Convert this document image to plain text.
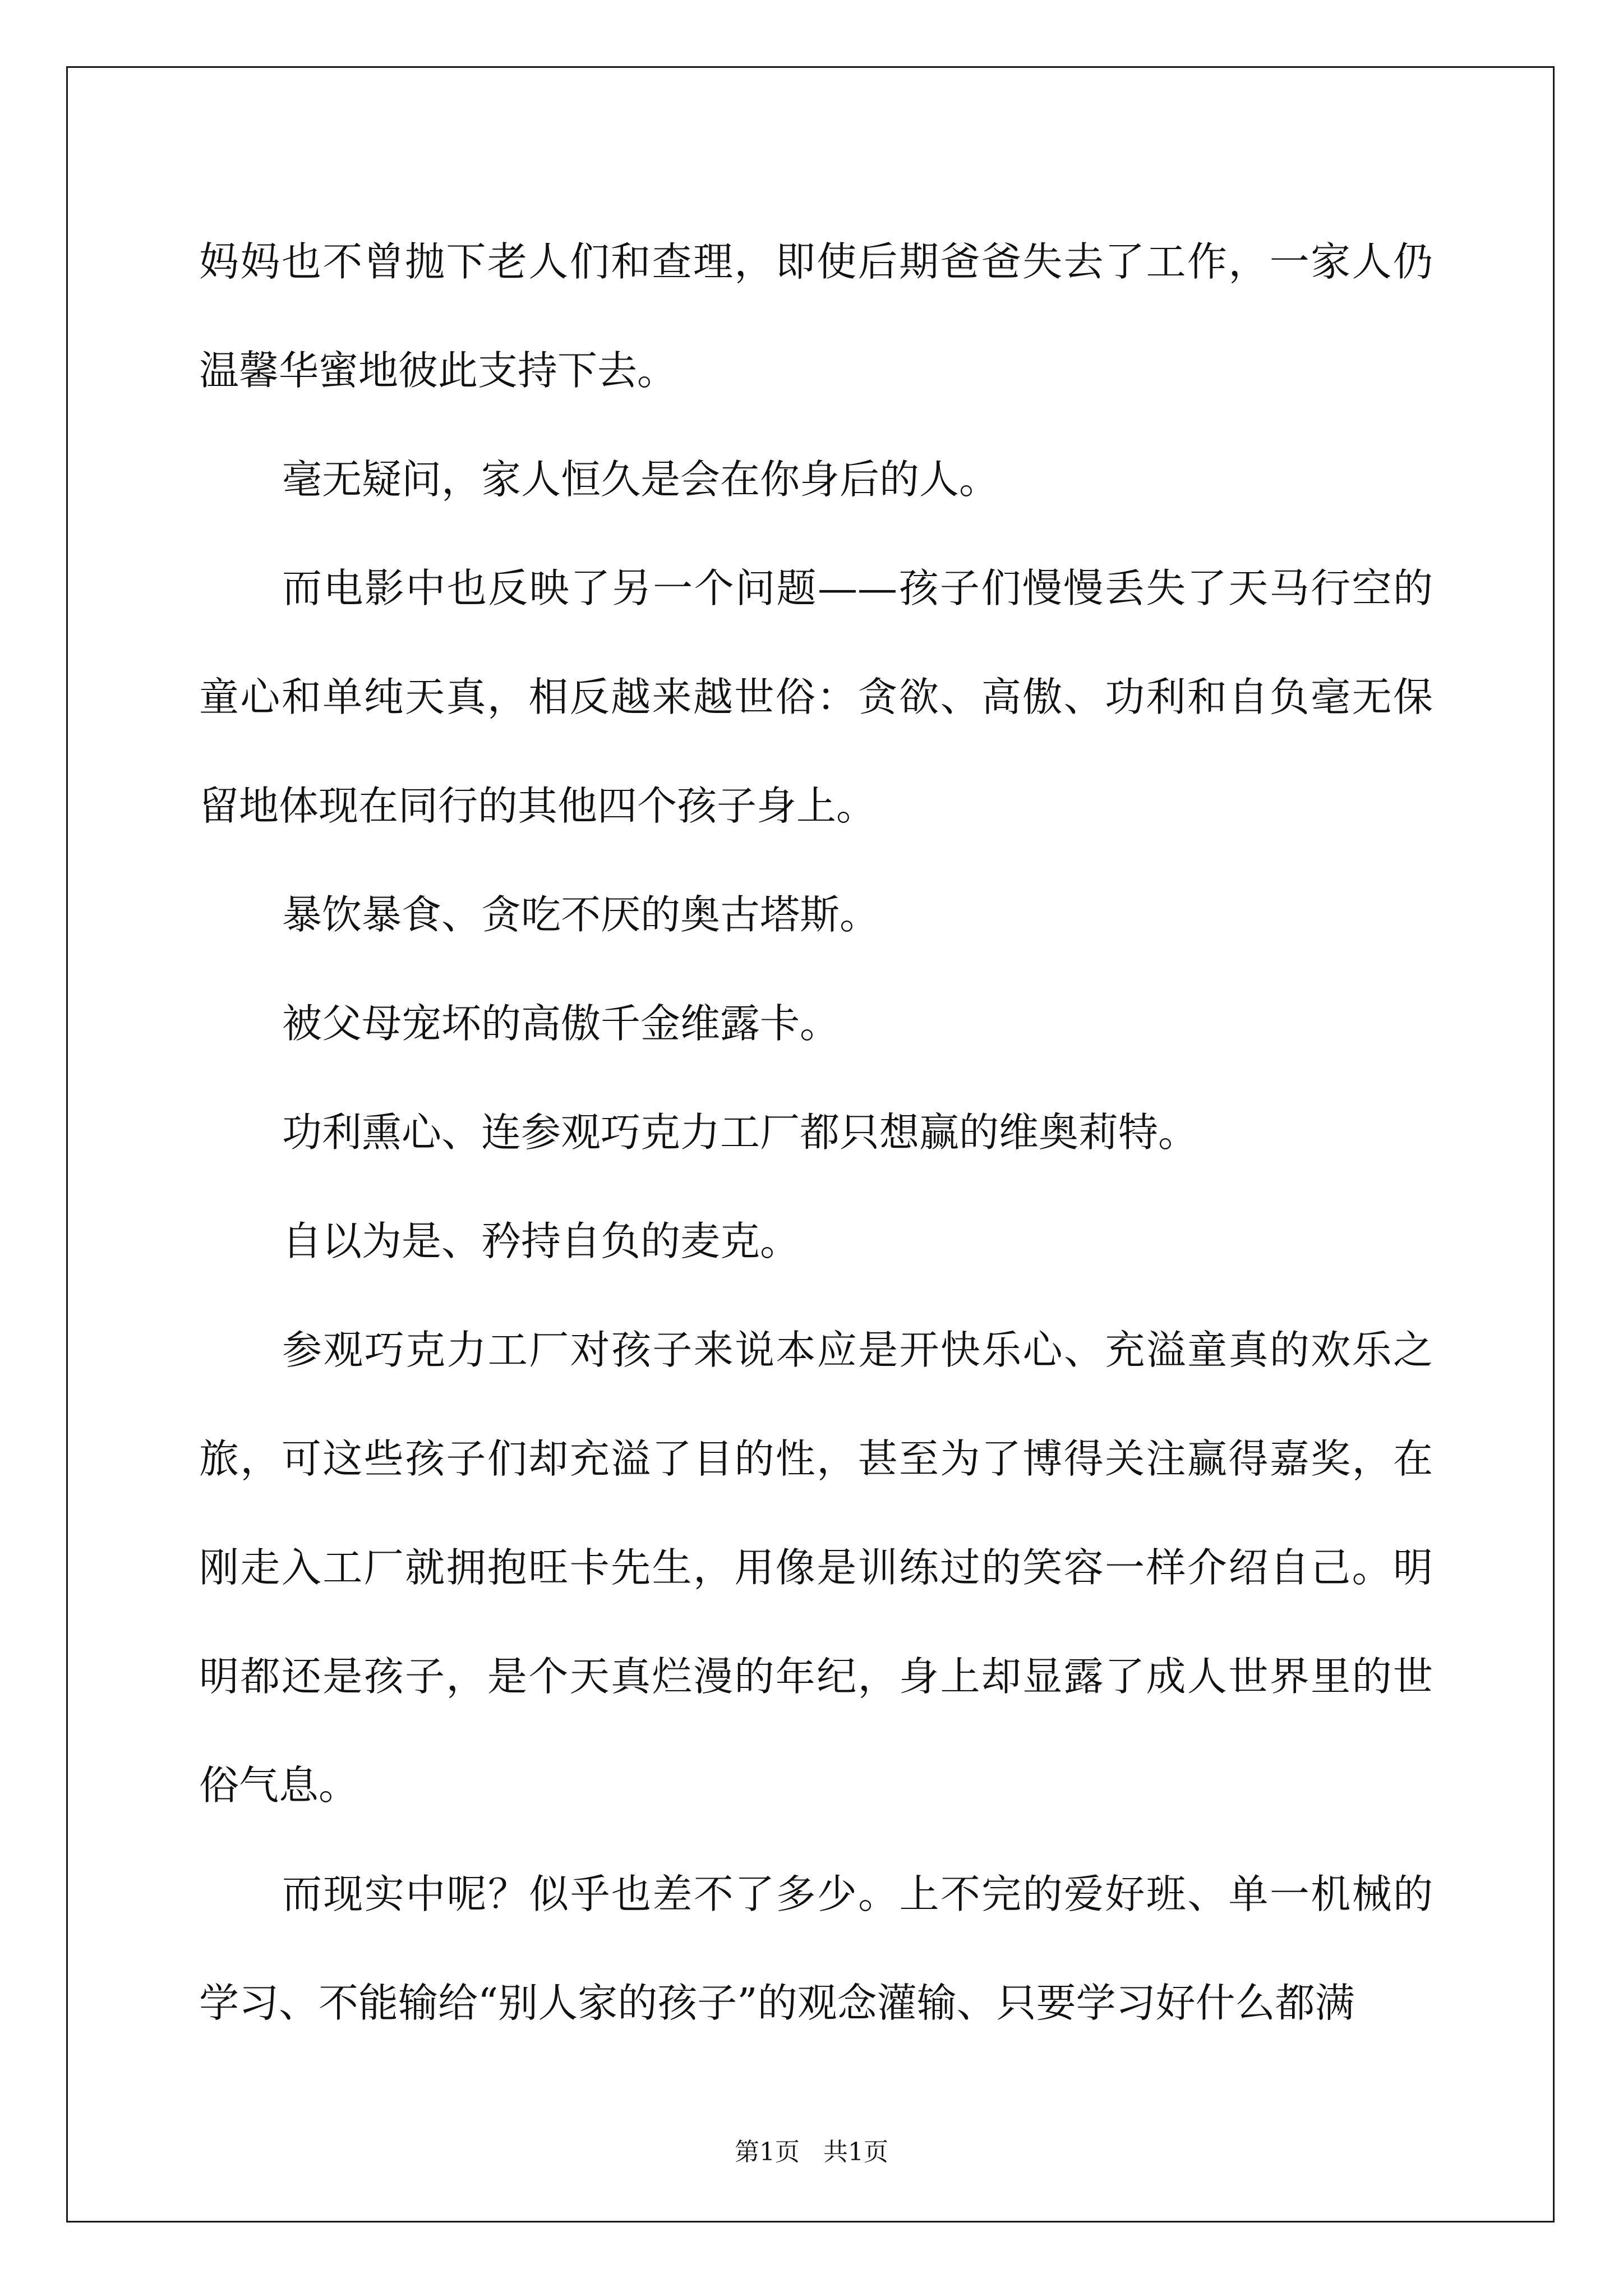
妈妈也不曾抛下老人们和查理，即使后期爸爸失去了工作，一家人仍温馨华蜜地彼此支持下去。

毫无疑问，家人恒久是会在你身后的人。

而电影中也反映了另一个问题——孩子们慢慢丢失了天马行空的童心和单纯天真，相反越来越世俗：贪欲、高傲、功利和自负毫无保留地体现在同行的其他四个孩子身上。

暴饮暴食、贪吃不厌的奥古塔斯。

被父母宠坏的高傲千金维露卡。

功利熏心、连参观巧克力工厂都只想赢的维奥莉特。

自以为是、矜持自负的麦克。

参观巧克力工厂对孩子来说本应是开快乐心、充溢童真的欢乐之旅，可这些孩子们却充溢了目的性，甚至为了博得关注赢得嘉奖，在刚走入工厂就拥抱旺卡先生，用像是训练过的笑容一样介绍自己。明明都还是孩子，是个天真烂漫的年纪，身上却显露了成人世界里的世俗气息。

而现实中呢？似乎也差不了多少。上不完的爱好班、单一机械的学习、不能输给“别人家的孩子”的观念灌输、只要学习好什么都满

第1页   共1页
